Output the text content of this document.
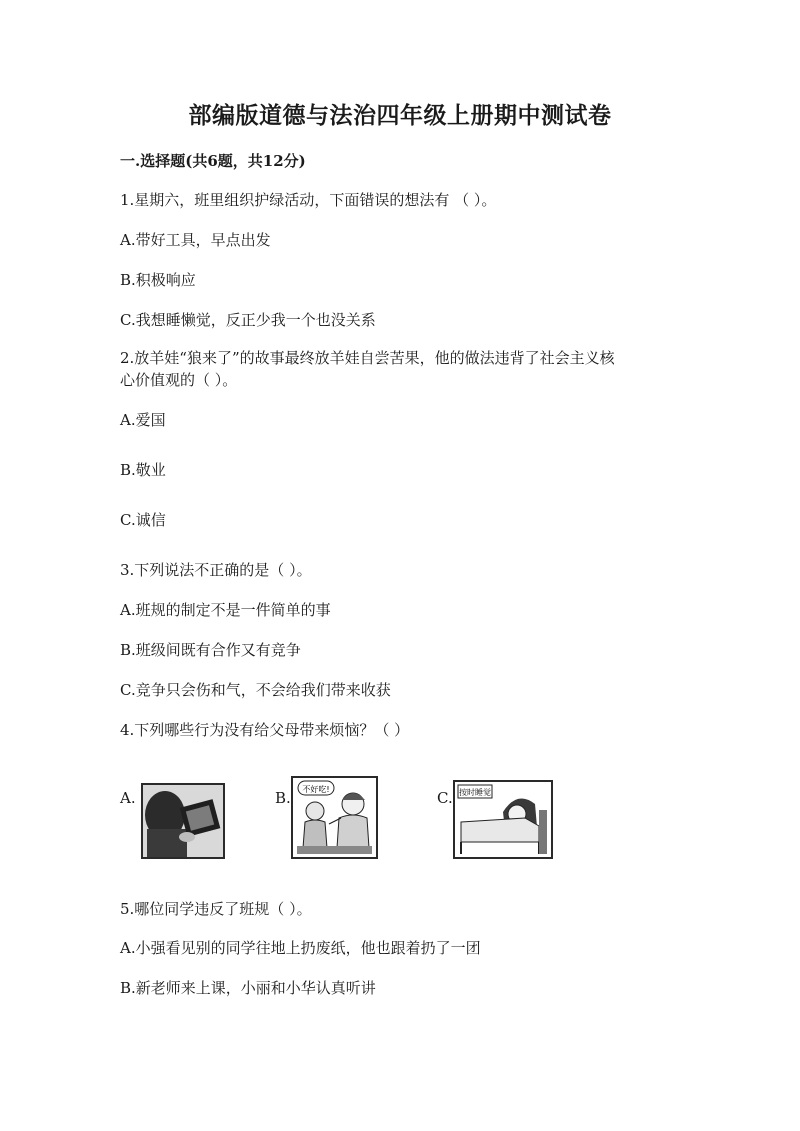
部编版道德与法治四年级上册期中测试卷
一.选择题(共6题，共12分)
1.星期六，班里组织护绿活动，下面错误的想法有 （ ）。
A.带好工具，早点出发
B.积极响应
C.我想睡懒觉，反正少我一个也没关系
2.放羊娃“狼来了”的故事最终放羊娃自尝苦果，他的做法违背了社会主义核
心价值观的（ ）。
A.爱国
B.敬业
C.诚信
3.下列说法不正确的是（ ）。
A.班规的制定不是一件简单的事
B.班级间既有合作又有竞争
C.竞争只会伤和气，不会给我们带来收获
4.下列哪些行为没有给父母带来烦恼？（ ）
A.	B. 不好吃!	C. 按时睡觉
5.哪位同学违反了班规（ ）。
A.小强看见别的同学往地上扔废纸，他也跟着扔了一团
B.新老师来上课，小丽和小华认真听讲
